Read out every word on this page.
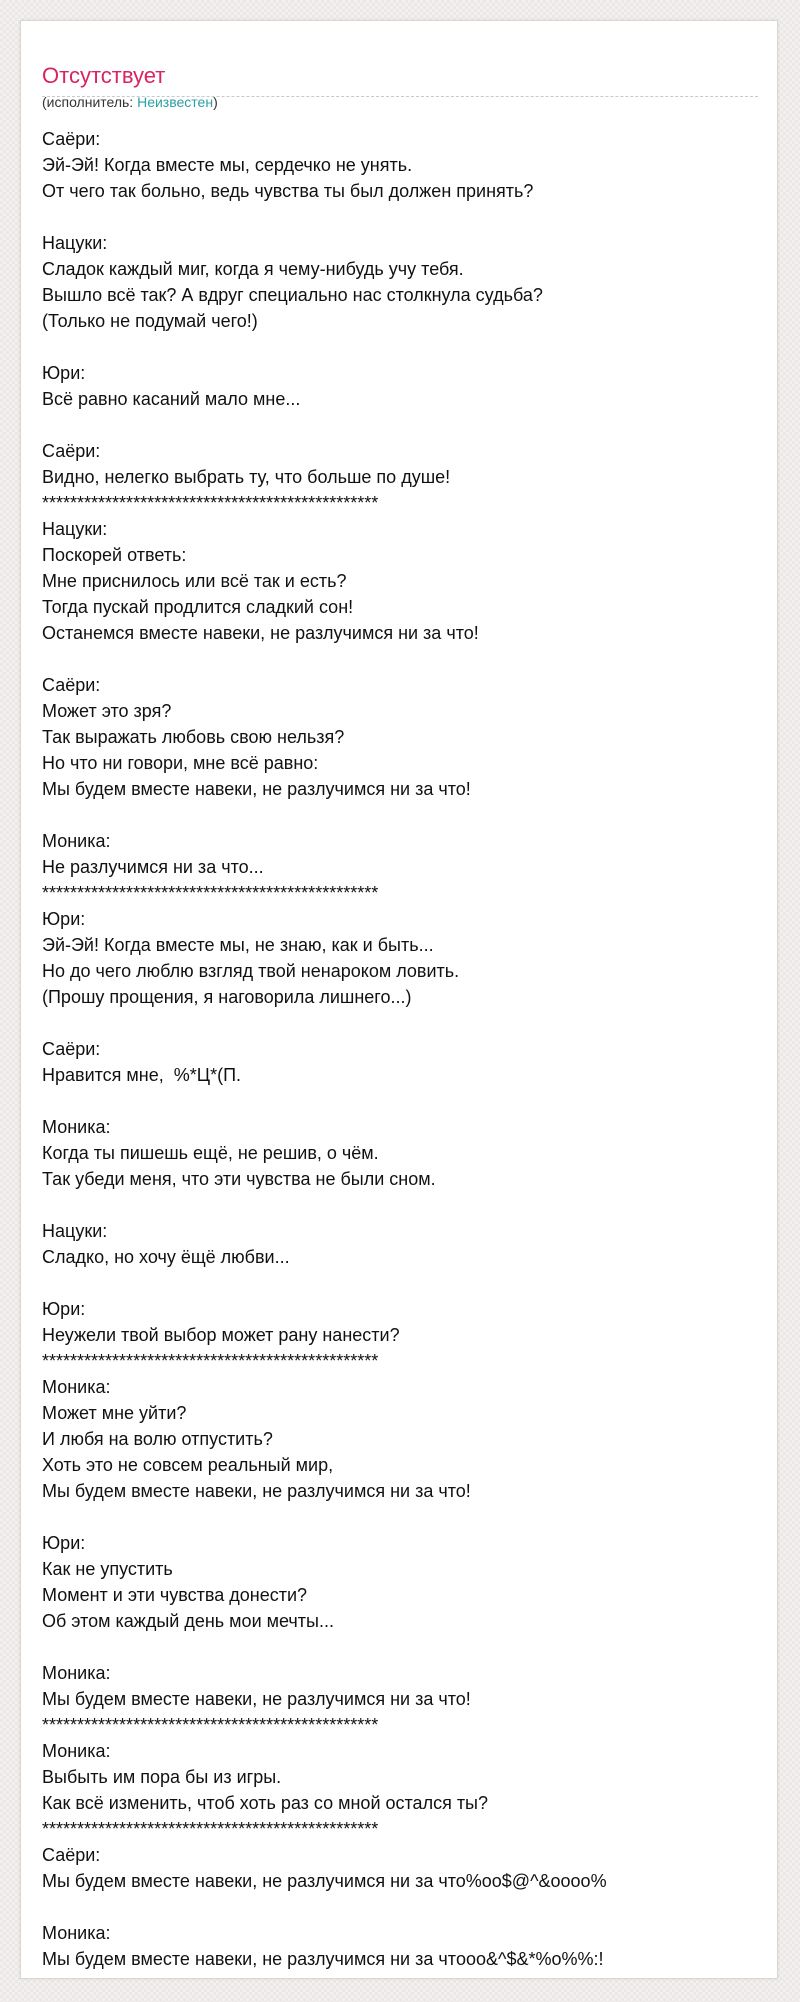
Отсутствует
(исполнитель: Неизвестен)
Саёри:
Эй-Эй! Когда вместе мы, сердечко не унять.
От чего так больно, ведь чувства ты был должен принять?
Нацуки:
Сладок каждый миг, когда я чему-нибудь учу тебя.
Вышло всё так? А вдруг специально нас столкнула судьба?
(Только не подумай чего!)
Юри:
Всё равно касаний мало мне...
Саёри:
Видно, нелегко выбрать ту, что больше по душе!
************************************************
Нацуки:
Поскорей ответь:
Мне приснилось или всё так и есть?
Тогда пускай продлится сладкий сон!
Останемся вместе навеки, не разлучимся ни за что!
Саёри:
Может это зря?
Так выражать любовь свою нельзя?
Но что ни говори, мне всё равно:
Мы будем вместе навеки, не разлучимся ни за что!
Моника:
Не разлучимся ни за что...
************************************************
Юри:
Эй-Эй! Когда вместе мы, не знаю, как и быть...
Но до чего люблю взгляд твой ненароком ловить.
(Прошу прощения, я наговорила лишнего...)
Саёри:
Нравится мне,  %*Ц*(П.
Моника:
Когда ты пишешь ещё, не решив, о чём.
Так убеди меня, что эти чувства не были сном.
Нацуки:
Сладко, но хочу ёщё любви...
Юри:
Неужели твой выбор может рану нанести?
************************************************
Моника:
Может мне уйти?
И любя на волю отпустить?
Хоть это не совсем реальный мир,
Мы будем вместе навеки, не разлучимся ни за что!
Юри:
Как не упустить
Момент и эти чувства донести?
Об этом каждый день мои мечты...
Моника:
Мы будем вместе навеки, не разлучимся ни за что!
************************************************
Моника:
Выбыть им пора бы из игры.
Как всё изменить, чтоб хоть раз со мной остался ты?
************************************************
Саёри:
Мы будем вместе навеки, не разлучимся ни за что%oo$@^&oooo%
Моника:
Мы будем вместе навеки, не разлучимся ни за чтooo&^$&*%o%%:!
